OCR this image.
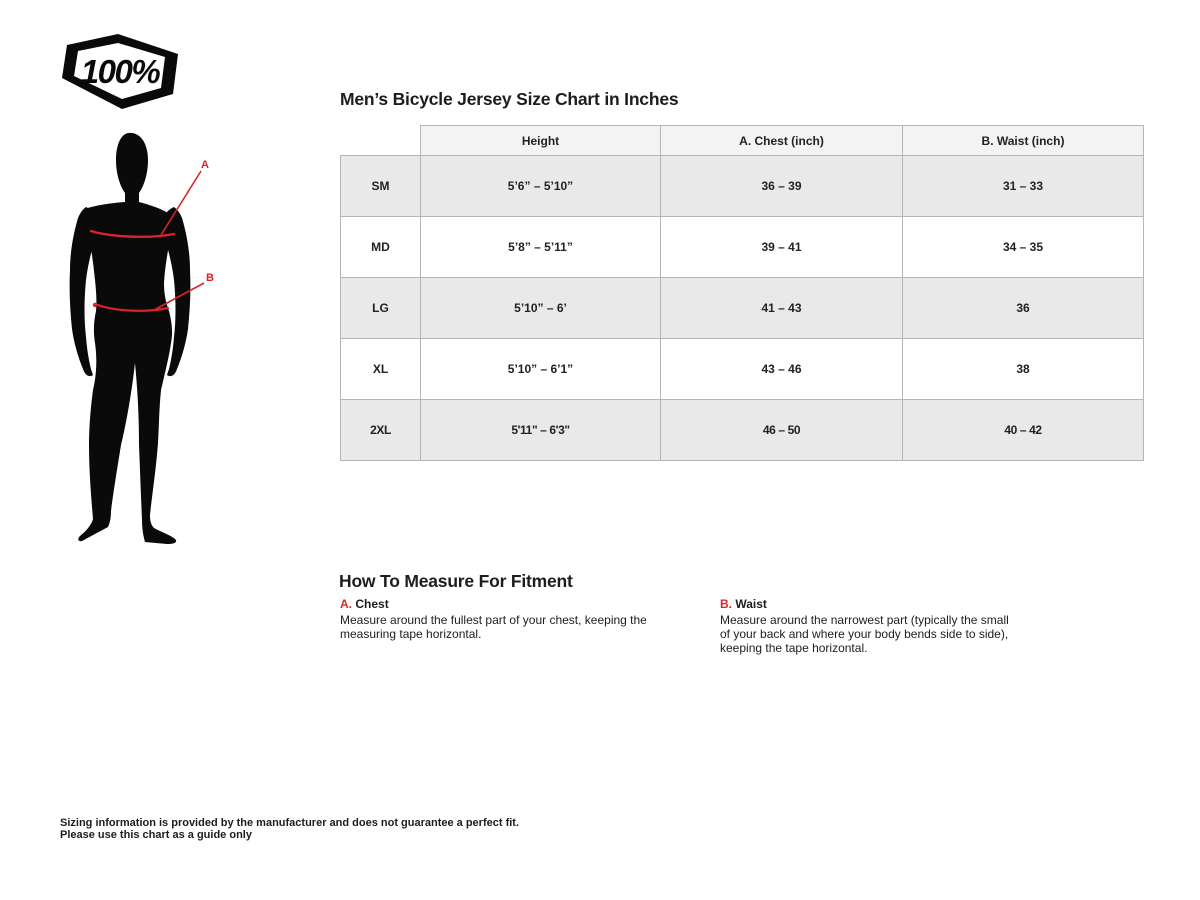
100%
A
B
Men’s Bicycle Jersey Size Chart in Inches
	Height	A. Chest (inch)	B. Waist (inch)
SM	5’6” – 5’10”	36 – 39	31 – 33
MD	5’8” – 5’11”	39 – 41	34 – 35
LG	5’10” – 6’	41 – 43	36
XL	5’10” – 6’1”	43 – 46	38
2XL	5'11" – 6'3"	46 – 50	40 – 42
How To Measure For Fitment

A. Chest

Measure around the fullest part of your chest, keeping the measuring tape horizontal.

B. Waist

Measure around the narrowest part (typically the small of your back and where your body bends side to side), keeping the tape horizontal.

Sizing information is provided by the manufacturer and does not guarantee a perfect fit.

Please use this chart as a guide only
